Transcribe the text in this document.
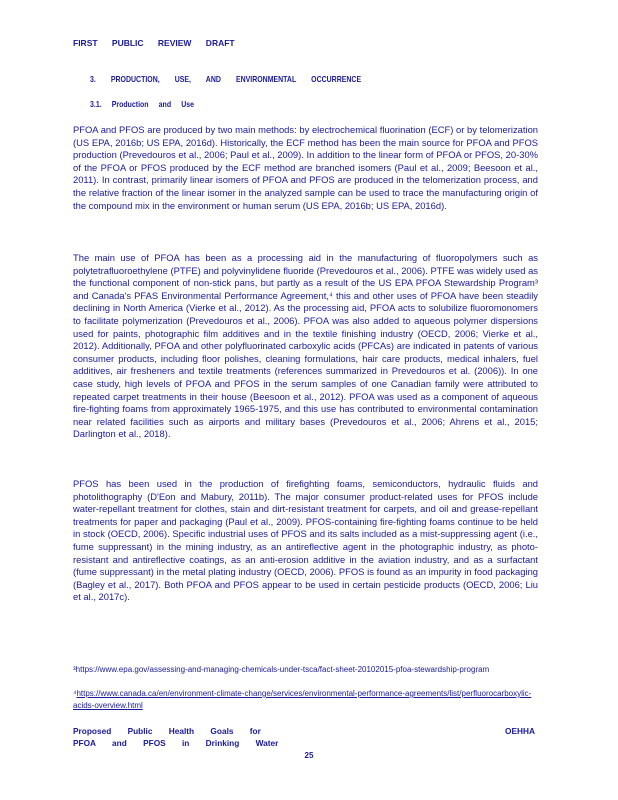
FIRST PUBLIC REVIEW DRAFT
3. PRODUCTION, USE, AND ENVIRONMENTAL OCCURRENCE
3.1. Production and Use

PFOA and PFOS are produced by two main methods: by electrochemical fluorination (ECF) or by telomerization (US EPA, 2016b; US EPA, 2016d). Historically, the ECF method has been the main source for PFOA and PFOS production (Prevedouros et al., 2006; Paul et al., 2009). In addition to the linear form of PFOA or PFOS, 20-30% of the PFOA or PFOS produced by the ECF method are branched isomers (Paul et al., 2009; Beesoon et al., 2011). In contrast, primarily linear isomers of PFOA and PFOS are produced in the telomerization process, and the relative fraction of the linear isomer in the analyzed sample can be used to trace the manufacturing origin of the compound mix in the environment or human serum (US EPA, 2016b; US EPA, 2016d).

The main use of PFOA has been as a processing aid in the manufacturing of fluoropolymers such as polytetrafluoroethylene (PTFE) and polyvinylidene fluoride (Prevedouros et al., 2006). PTFE was widely used as the functional component of non-stick pans, but partly as a result of the US EPA PFOA Stewardship Program³ and Canada's PFAS Environmental Performance Agreement,⁴ this and other uses of PFOA have been steadily declining in North America (Vierke et al., 2012). As the processing aid, PFOA acts to solubilize fluoromonomers to facilitate polymerization (Prevedouros et al., 2006). PFOA was also added to aqueous polymer dispersions used for paints, photographic film additives and in the textile finishing industry (OECD, 2006; Vierke et al., 2012). Additionally, PFOA and other polyfluorinated carboxylic acids (PFCAs) are indicated in patents of various consumer products, including floor polishes, cleaning formulations, hair care products, medical inhalers, fuel additives, air fresheners and textile treatments (references summarized in Prevedouros et al. (2006)). In one case study, high levels of PFOA and PFOS in the serum samples of one Canadian family were attributed to repeated carpet treatments in their house (Beesoon et al., 2012). PFOA was used as a component of aqueous fire-fighting foams from approximately 1965-1975, and this use has contributed to environmental contamination near related facilities such as airports and military bases (Prevedouros et al., 2006; Ahrens et al., 2015; Darlington et al., 2018).

PFOS has been used in the production of firefighting foams, semiconductors, hydraulic fluids and photolithography (D'Eon and Mabury, 2011b). The major consumer product-related uses for PFOS include water-repellant treatment for clothes, stain and dirt-resistant treatment for carpets, and oil and grease-repellant treatments for paper and packaging (Paul et al., 2009). PFOS-containing fire-fighting foams continue to be held in stock (OECD, 2006). Specific industrial uses of PFOS and its salts included as a mist-suppressing agent (i.e., fume suppressant) in the mining industry, as an antireflective agent in the photographic industry, as photo-resistant and antireflective coatings, as an anti-erosion additive in the aviation industry, and as a surfactant (fume suppressant) in the metal plating industry (OECD, 2006). PFOS is found as an impurity in food packaging (Bagley et al., 2017). Both PFOA and PFOS appear to be used in certain pesticide products (OECD, 2006; Liu et al., 2017c).

³https://www.epa.gov/assessing-and-managing-chemicals-under-tsca/fact-sheet-20102015-pfoa-stewardship-program
⁴https://www.canada.ca/en/environment-climate-change/services/environmental-performance-agreements/list/perfluorocarboxylic-acids-overview.html
Proposed Public Health Goals for	OEHHA
PFOA and PFOS in Drinking Water
25
